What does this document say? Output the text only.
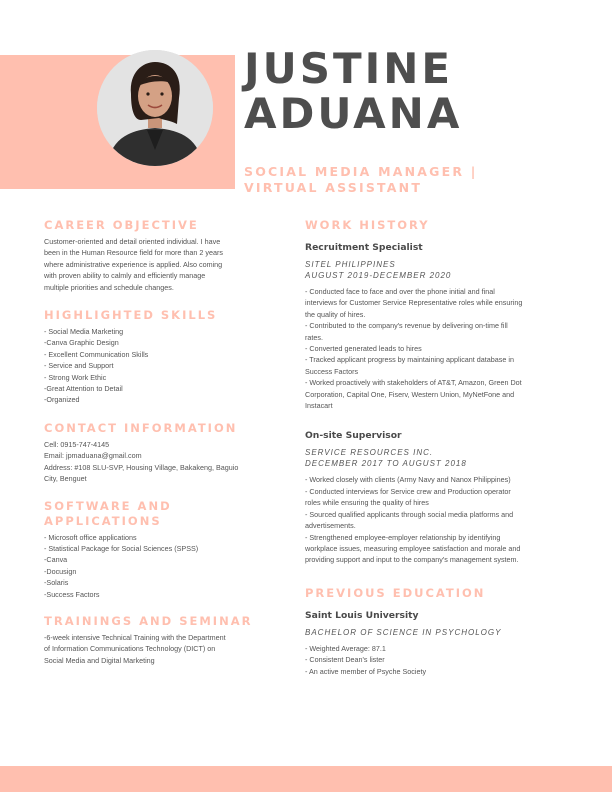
JUSTINE
ADUANA
SOCIAL MEDIA MANAGER |
VIRTUAL ASSISTANT
CAREER OBJECTIVE
Customer-oriented and detail oriented individual. I have
been in the Human Resource field for more than 2 years
where administrative experience is applied. Also coming
with proven ability to calmly and efficiently manage
multiple priorities and schedule changes.
HIGHLIGHTED SKILLS
- Social Media Marketing
-Canva Graphic Design
- Excellent Communication Skills
- Service and Support
- Strong Work Ethic
-Great Attention to Detail
-Organized
CONTACT INFORMATION
Cell: 0915-747-4145
Email: jpmaduana@gmail.com
Address: #108 SLU-SVP, Housing Village, Bakakeng, Baguio
City, Benguet
SOFTWARE AND
APPLICATIONS
- Microsoft office applications
- Statistical Package for Social Sciences (SPSS)
-Canva
-Docusign
-Solaris
-Success Factors
TRAININGS AND SEMINAR
-6-week intensive Technical Training with the Department
of Information Communications Technology (DICT) on
Social Media and Digital Marketing
WORK HISTORY
Recruitment Specialist
SITEL PHILIPPINES
AUGUST 2019-DECEMBER 2020
- Conducted face to face and over the phone initial and final
interviews for Customer Service Representative roles while ensuring
the quality of hires.
- Contributed to the company's revenue by delivering on-time fill
rates.
- Converted generated leads to hires
- Tracked applicant progress by maintaining applicant database in
Success Factors
- Worked proactively with stakeholders of AT&T, Amazon, Green Dot
Corporation, Capital One, Fiserv, Western Union, MyNetFone and
Instacart
On-site Supervisor
SERVICE RESOURCES INC.
DECEMBER 2017 TO AUGUST 2018
- Worked closely with clients (Army Navy and Nanox Philippines)
- Conducted interviews for Service crew and Production operator
roles while ensuring the quality of hires
- Sourced qualified applicants through social media platforms and
advertisements.
- Strengthened employee-employer relationship by identifying
workplace issues, measuring employee satisfaction and morale and
providing support and input to the company's management system.
PREVIOUS EDUCATION
Saint Louis University
BACHELOR OF SCIENCE IN PSYCHOLOGY
- Weighted Average: 87.1
- Consistent Dean's lister
- An active member of Psyche Society
